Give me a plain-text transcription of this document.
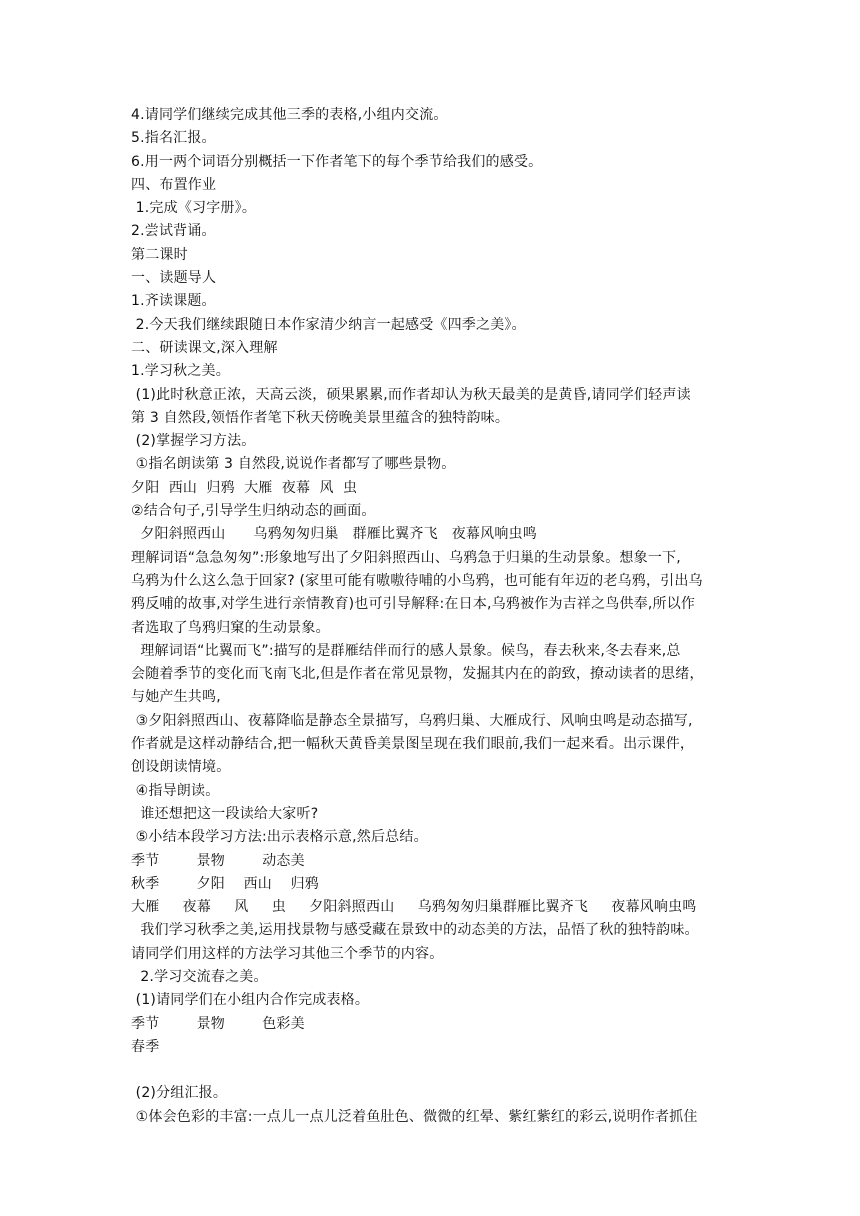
4.请同学们继续完成其他三季的表格,小组内交流。

5.指名汇报。

6.用一两个词语分别概括一下作者笔下的每个季节给我们的感受。

四、布置作业

1.完成《习字册》。

2.尝试背诵。

第二课时

一、读题导人

1.齐读课题。

2.今天我们继续跟随日本作家清少纳言一起感受《四季之美》。

二、研读课文,深入理解

1.学习秋之美。

(1)此时秋意正浓，天高云淡，硕果累累,而作者却认为秋天最美的是黄昏,请同学们轻声读

第 3 自然段,领悟作者笔下秋天傍晚美景里蕴含的独特韵味。

(2)掌握学习方法。

①指名朗读第 3 自然段,说说作者都写了哪些景物。

夕阳  西山  归鸦  大雁  夜幕  风  虫

②结合句子,引导学生归纳动态的画面。

夕阳斜照西山      乌鸦匆匆归巢   群雁比翼齐飞   夜幕风响虫鸣

理解词语“急急匆匆”:形象地写出了夕阳斜照西山、乌鸦急于归巢的生动景象。想象一下,

乌鸦为什么这么急于回家? (家里可能有嗷嗷待哺的小鸟鸦，也可能有年迈的老乌鸦，引出乌

鸦反哺的故事,对学生进行亲情教育)也可引导解释:在日本,乌鸦被作为吉祥之鸟供奉,所以作

者选取了鸟鸦归窠的生动景象。

理解词语“比翼而飞”:描写的是群雁结伴而行的感人景象。候鸟，春去秋来,冬去春来,总

会随着季节的变化而飞南飞北,但是作者在常见景物，发掘其内在的韵致，撩动读者的思绪，

与她产生共鸣,

③夕阳斜照西山、夜幕降临是静态全景描写，乌鸦归巢、大雁成行、风响虫鸣是动态描写,

作者就是这样动静结合,把一幅秋天黄昏美景图呈现在我们眼前,我们一起来看。出示课件，

创设朗读情境。

④指导朗读。

谁还想把这一段读给大家听?

⑤小结本段学习方法:出示表格示意,然后总结。

季节        景物        动态美

秋季        夕阳    西山    归鸦

大雁     夜幕     风     虫     夕阳斜照西山     乌鸦匆匆归巢群雁比翼齐飞     夜幕风响虫鸣

我们学习秋季之美,运用找景物与感受藏在景致中的动态美的方法，品悟了秋的独特韵味。

请同学们用这样的方法学习其他三个季节的内容。

2.学习交流春之美。

(1)请同学们在小组内合作完成表格。

季节        景物        色彩美

春季

(2)分组汇报。

①体会色彩的丰富:一点儿一点儿泛着鱼肚色、微微的红晕、紫红紫红的彩云,说明作者抓住
